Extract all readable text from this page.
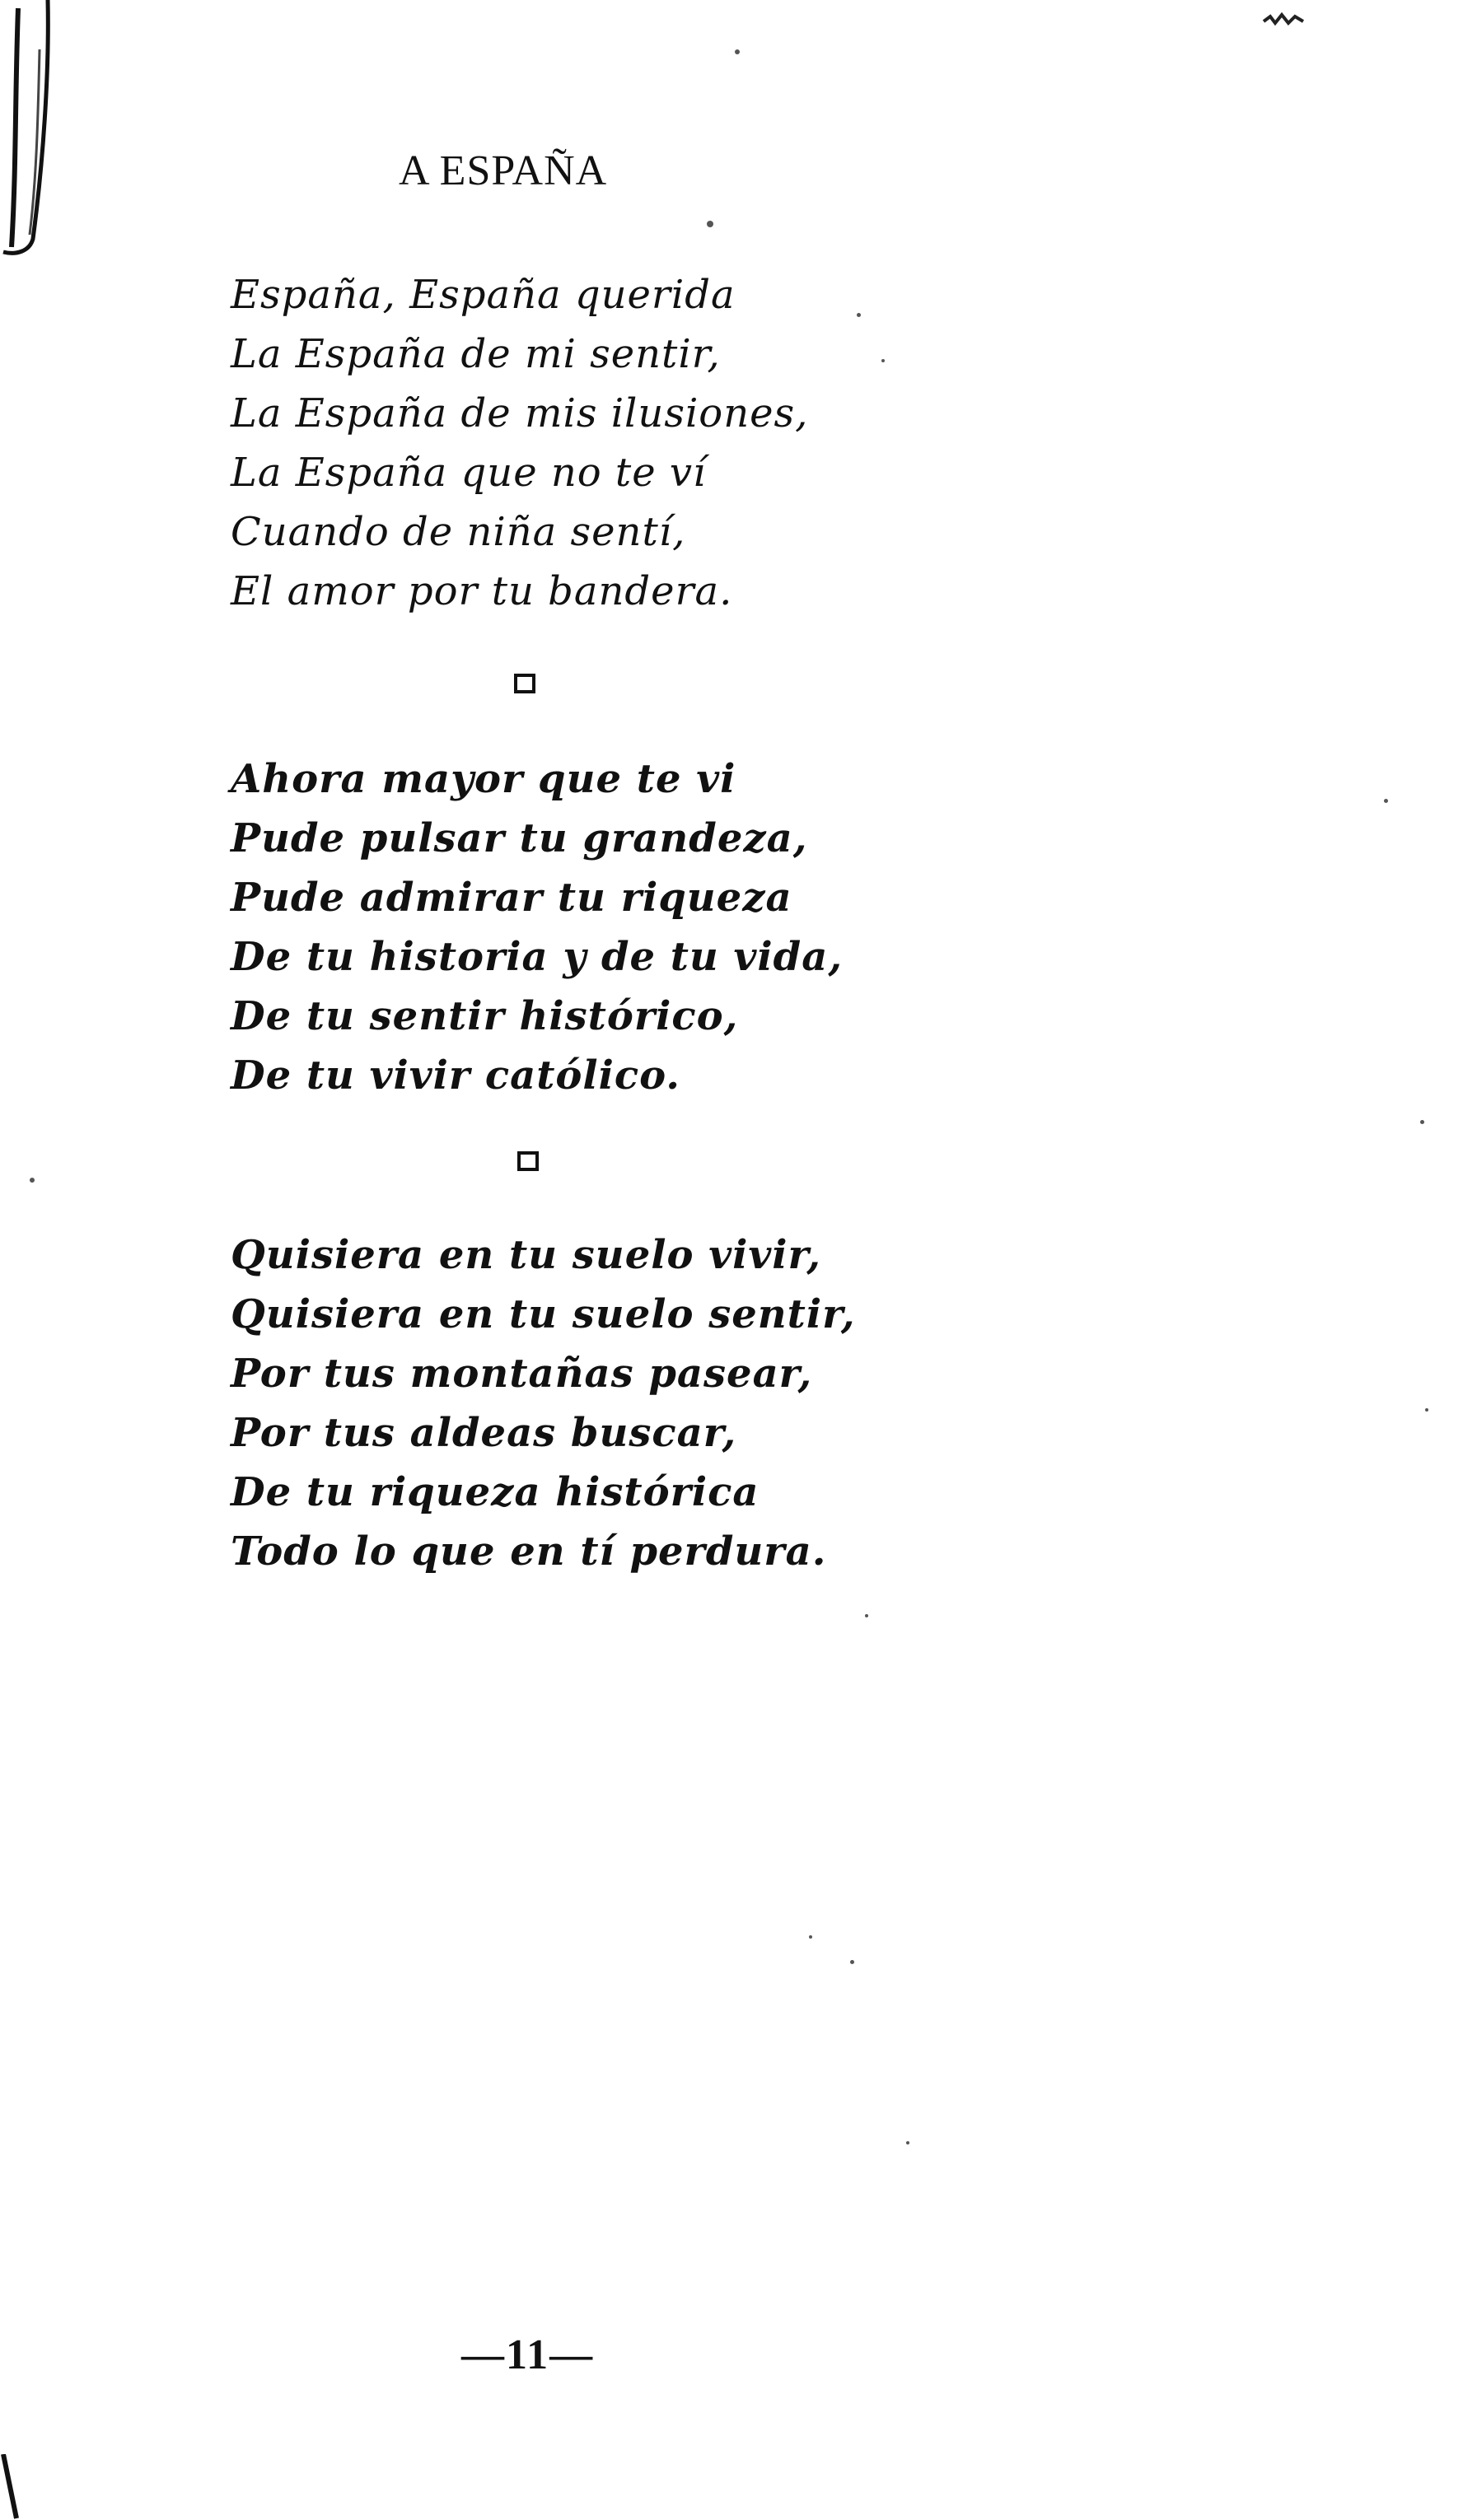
A ESPAÑA
España, España querida
La España de mi sentir,
La España de mis ilusiones,
La España que no te ví
Cuando de niña sentí,
El amor por tu bandera.
Ahora mayor que te vi
Pude pulsar tu grandeza,
Pude admirar tu riqueza
De tu historia y de tu vida,
De tu sentir histórico,
De tu vivir católico.
Quisiera en tu suelo vivir,
Quisiera en tu suelo sentir,
Por tus montañas pasear,
Por tus aldeas buscar,
De tu riqueza histórica
Todo lo que en tí perdura.
—11—
